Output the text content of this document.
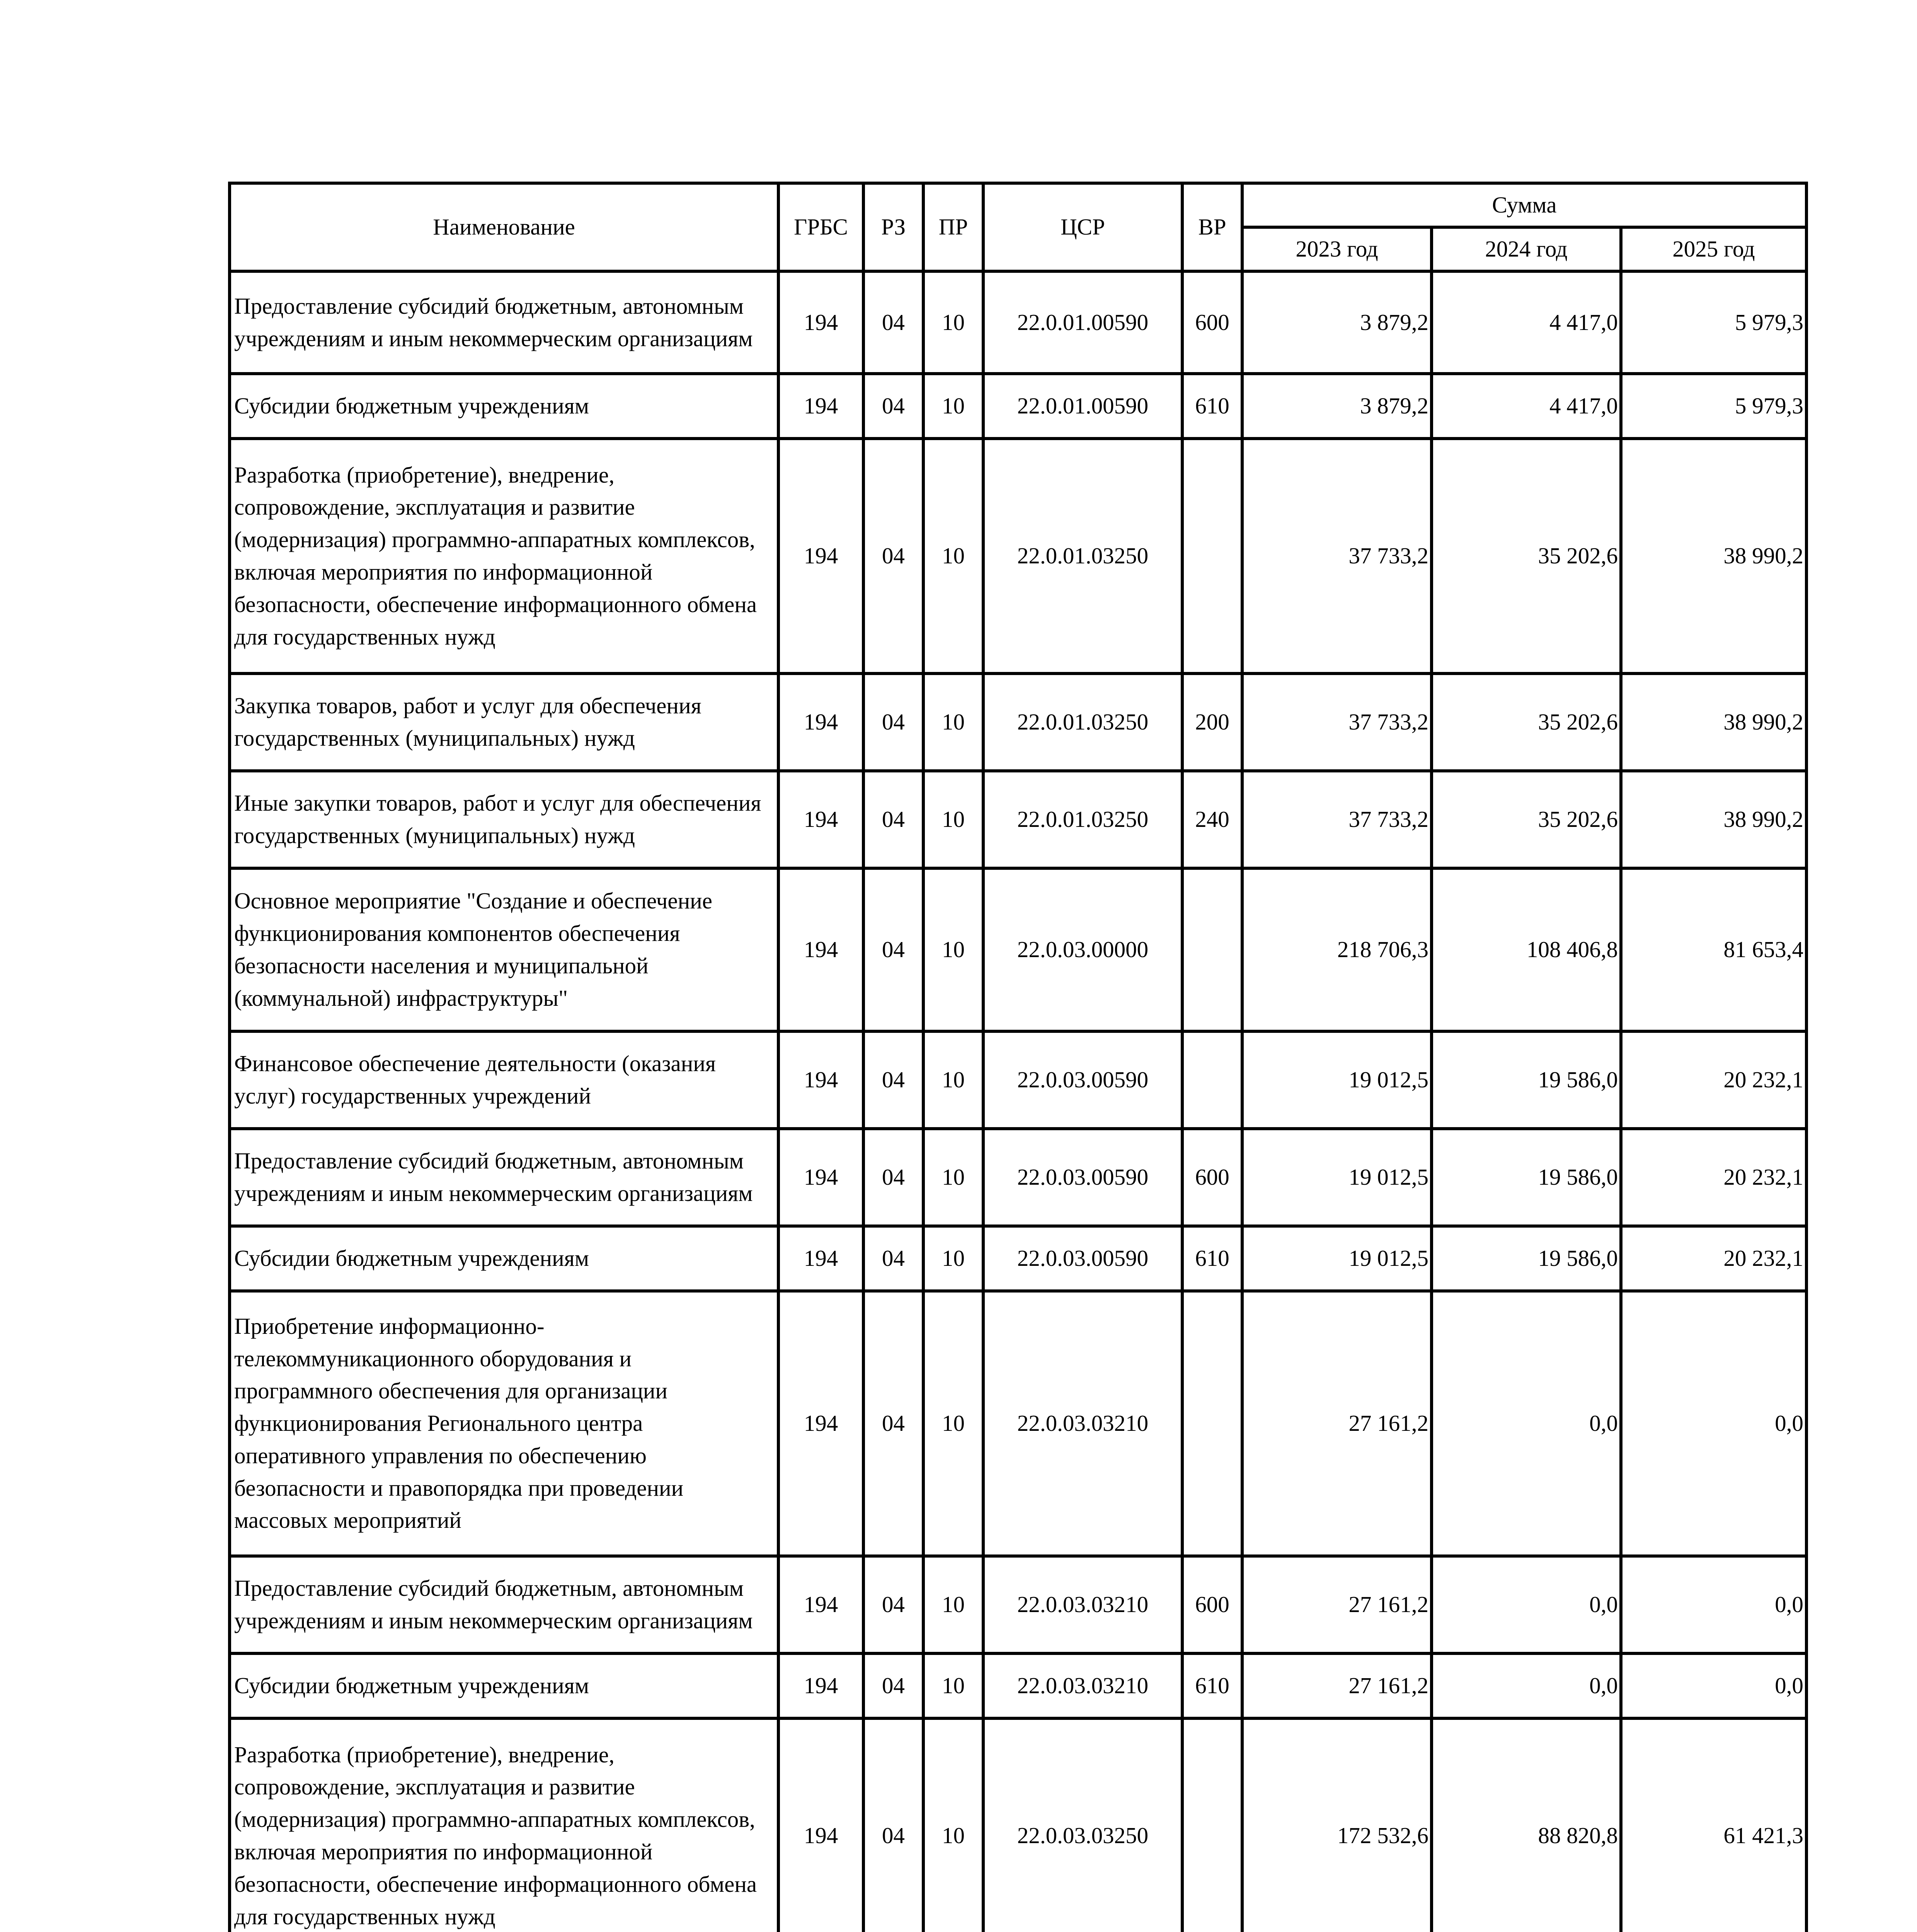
Наименование	ГРБС	РЗ	ПР	ЦСР	ВР	Сумма		
						2023 год	2024 год	2025 год
Предоставление субсидий бюджетным, автономным учреждениям и иным некоммерческим организациям	194	04	10	22.0.01.00590	600	3 879,2	4 417,0	5 979,3
Субсидии бюджетным учреждениям	194	04	10	22.0.01.00590	610	3 879,2	4 417,0	5 979,3
Разработка (приобретение), внедрение, сопровождение, эксплуатация и развитие (модернизация) программно-аппаратных комплексов, включая мероприятия по информационной безопасности, обеспечение информационного обмена для государственных нужд	194	04	10	22.0.01.03250		37 733,2	35 202,6	38 990,2
Закупка товаров, работ и услуг для обеспечения государственных (муниципальных) нужд	194	04	10	22.0.01.03250	200	37 733,2	35 202,6	38 990,2
Иные закупки товаров, работ и услуг для обеспечения государственных (муниципальных) нужд	194	04	10	22.0.01.03250	240	37 733,2	35 202,6	38 990,2
Основное мероприятие "Создание и обеспечение функционирования компонентов обеспечения безопасности населения и муниципальной (коммунальной) инфраструктуры"	194	04	10	22.0.03.00000		218 706,3	108 406,8	81 653,4
Финансовое обеспечение деятельности (оказания услуг) государственных учреждений	194	04	10	22.0.03.00590		19 012,5	19 586,0	20 232,1
Предоставление субсидий бюджетным, автономным учреждениям и иным некоммерческим организациям	194	04	10	22.0.03.00590	600	19 012,5	19 586,0	20 232,1
Субсидии бюджетным учреждениям	194	04	10	22.0.03.00590	610	19 012,5	19 586,0	20 232,1
Приобретение информационно-телекоммуникационного оборудования и программного обеспечения для организации функционирования Регионального центра оперативного управления по обеспечению безопасности и правопорядка при проведении массовых мероприятий	194	04	10	22.0.03.03210		27 161,2	0,0	0,0
Предоставление субсидий бюджетным, автономным учреждениям и иным некоммерческим организациям	194	04	10	22.0.03.03210	600	27 161,2	0,0	0,0
Субсидии бюджетным учреждениям	194	04	10	22.0.03.03210	610	27 161,2	0,0	0,0
Разработка (приобретение), внедрение, сопровождение, эксплуатация и развитие (модернизация) программно-аппаратных комплексов, включая мероприятия по информационной безопасности, обеспечение информационного обмена для государственных нужд	194	04	10	22.0.03.03250		172 532,6	88 820,8	61 421,3
